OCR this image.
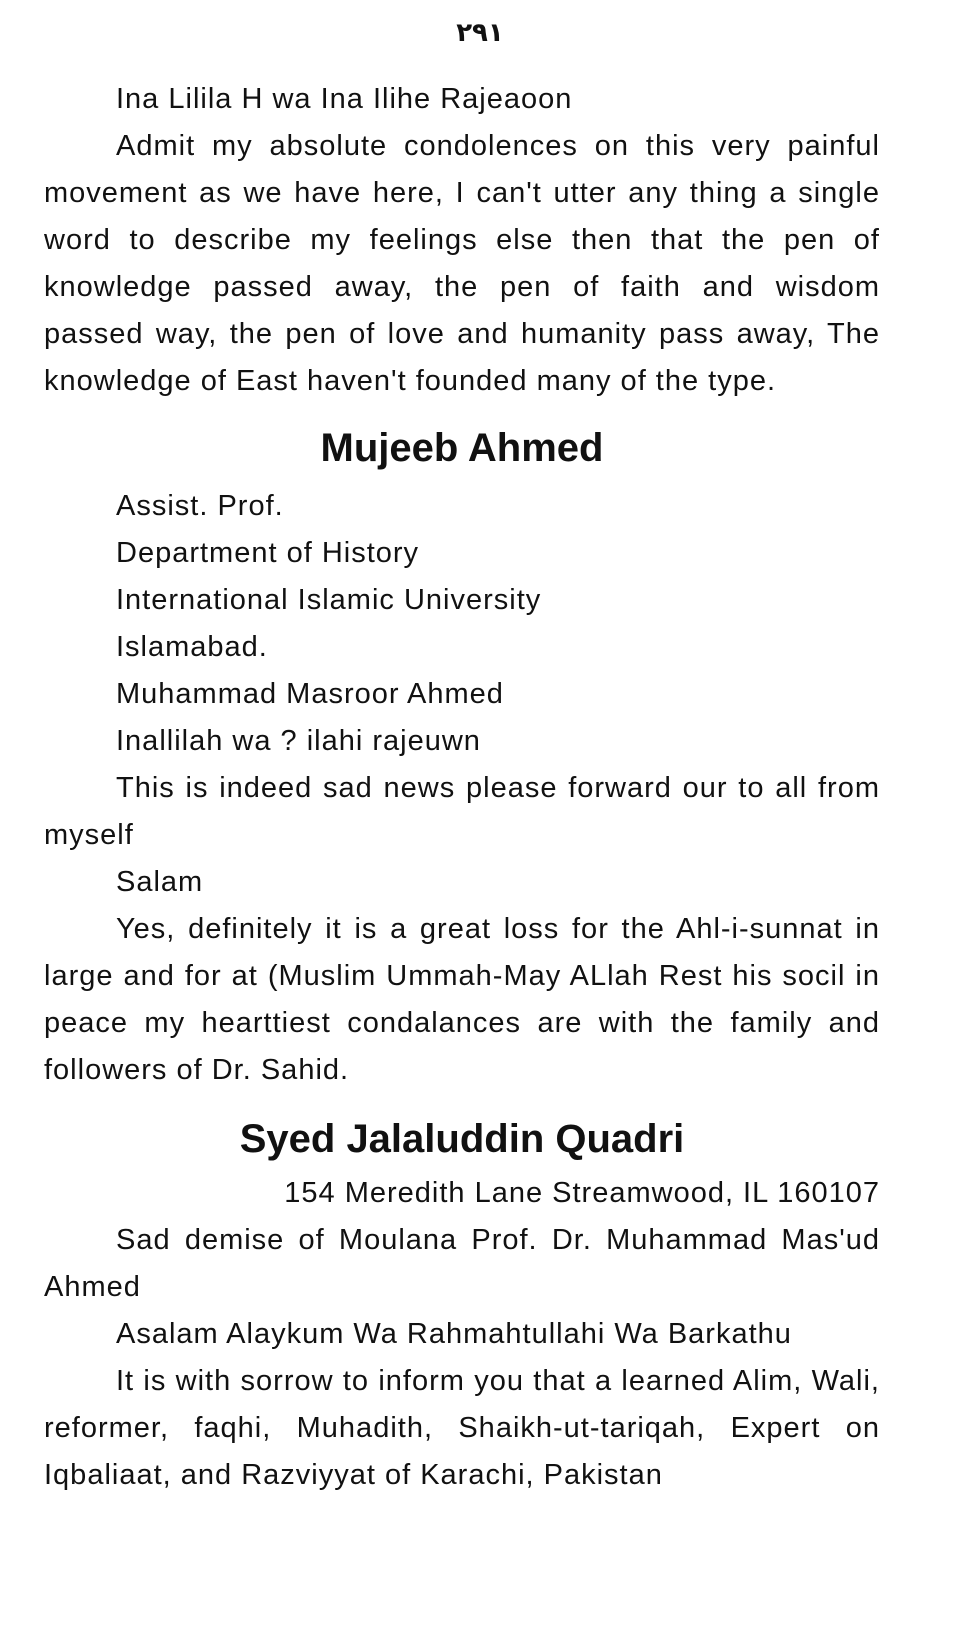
۲۹۱

Ina Lilila H wa Ina Ilihe Rajeaoon

Admit my absolute condolences on this very painful movement as we have here, I can't utter any thing a single word to describe my feelings else then that the pen of knowledge passed away, the pen of faith and wisdom passed way, the pen of love and humanity pass away, The knowledge of East haven't founded many of the type.

Mujeeb Ahmed

Assist. Prof.

Department of History

International Islamic University

Islamabad.

Muhammad Masroor Ahmed

Inallilah wa ? ilahi rajeuwn

This is indeed sad news please forward our to all from myself

Salam

Yes, definitely it is a great loss for the Ahl-i-sunnat in large and for at (Muslim Ummah-May ALlah Rest his socil in peace my hearttiest condalances are with the family and followers of Dr. Sahid.

Syed Jalaluddin Quadri

154 Meredith Lane Streamwood, IL 160107

Sad demise of Moulana Prof. Dr. Muhammad Mas'ud Ahmed

Asalam Alaykum Wa Rahmahtullahi Wa Barkathu

It is with sorrow to inform you that a learned Alim, Wali, reformer, faqhi, Muhadith, Shaikh-ut-tariqah, Expert on Iqbaliaat, and Razviyyat of Karachi, Pakistan
